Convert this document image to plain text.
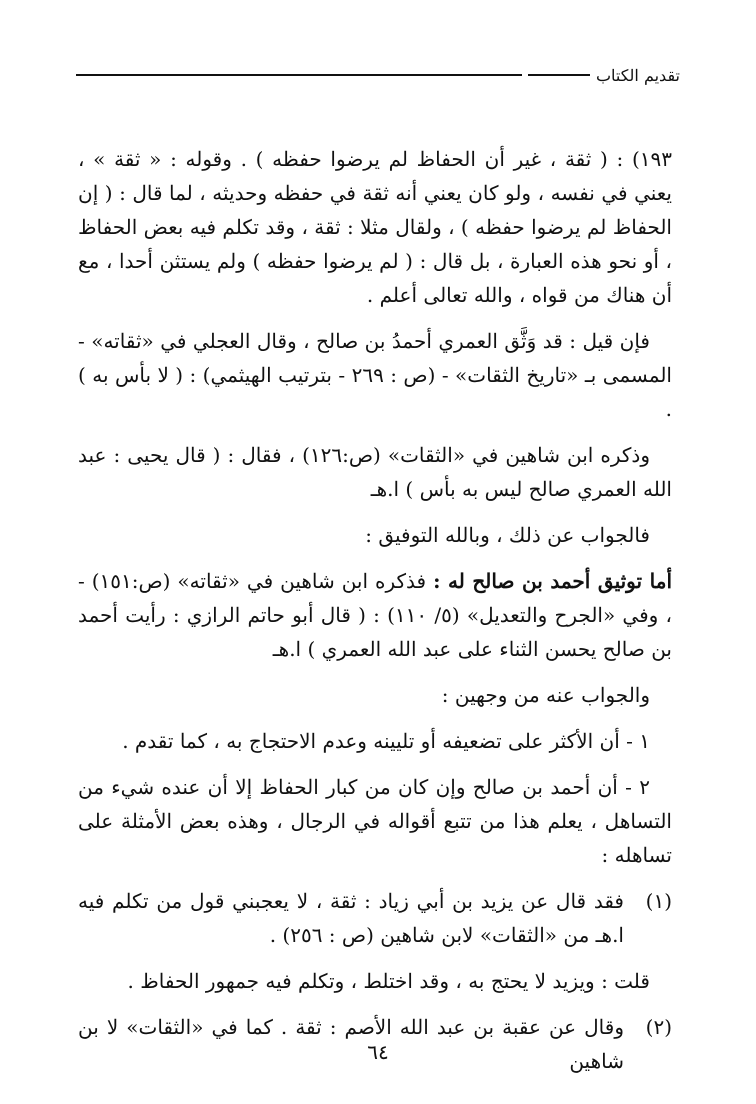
تقديم الكتاب

١٩٣) : ( ثقة ، غير أن الحفاظ لم يرضوا حفظه ) . وقوله : « ثقة » ، يعني في نفسه ، ولو كان يعني أنه ثقة في حفظه وحديثه ، لما قال : ( إن الحفاظ لم يرضوا حفظه ) ، ولقال مثلا : ثقة ، وقد تكلم فيه بعض الحفاظ ، أو نحو هذه العبارة ، بل قال : ( لم يرضوا حفظه ) ولم يستثن أحدا ، مع أن هناك من قواه ، والله تعالى أعلم .

فإن قيل : قد وَثَّق العمري أحمدُ بن صالح ، وقال العجلي في «ثقاته» - المسمى بـ «تاريخ الثقات» - (ص : ٢٦٩ - بترتيب الهيثمي) : ( لا بأس به ) .

وذكره ابن شاهين في «الثقات» (ص:١٢٦) ، فقال : ( قال يحيى : عبد الله العمري صالح ليس به بأس ) ا.هـ

فالجواب عن ذلك ، وبالله التوفيق :

أما توثيق أحمد بن صالح له : فذكره ابن شاهين في «ثقاته» (ص:١٥١) - ، وفي «الجرح والتعديل» (٥/ ١١٠) : ( قال أبو حاتم الرازي : رأيت أحمد بن صالح يحسن الثناء على عبد الله العمري ) ا.هـ

والجواب عنه من وجهين :

١ - أن الأكثر على تضعيفه أو تليينه وعدم الاحتجاج به ، كما تقدم .

٢ - أن أحمد بن صالح وإن كان من كبار الحفاظ إلا أن عنده شيء من التساهل ، يعلم هذا من تتبع أقواله في الرجال ، وهذه بعض الأمثلة على تساهله :

(١)
فقد قال عن يزيد بن أبي زياد : ثقة ، لا يعجبني قول من تكلم فيه ا.هـ من «الثقات» لابن شاهين (ص : ٢٥٦) .

قلت : ويزيد لا يحتج به ، وقد اختلط ، وتكلم فيه جمهور الحفاظ .

(٢)
وقال عن عقبة بن عبد الله الأصم : ثقة . كما في «الثقات» لا بن شاهين
٦٤
